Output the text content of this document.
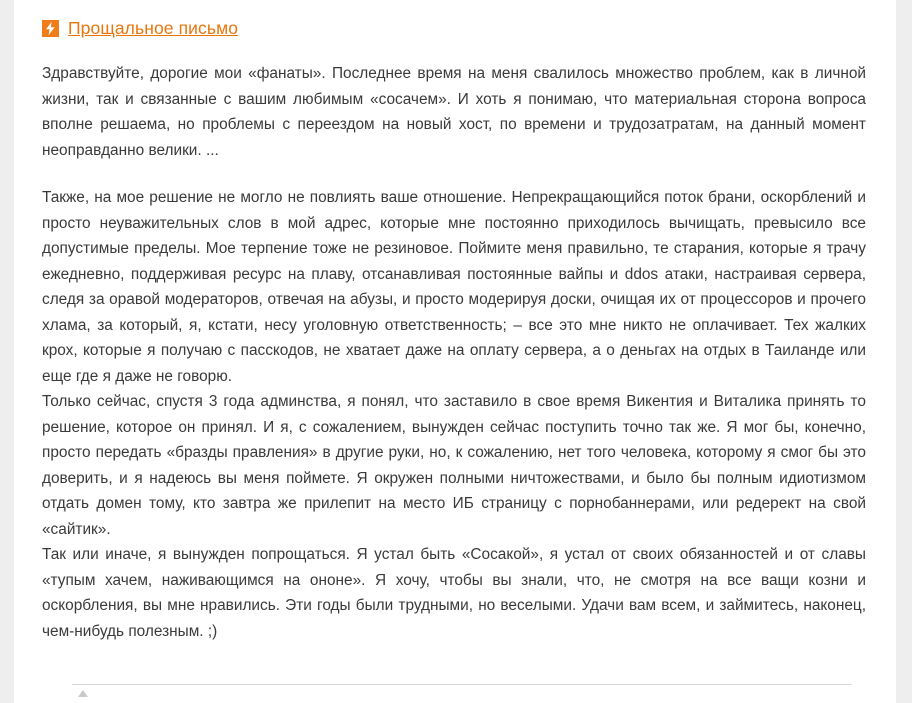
Прощальное письмо

Здравствуйте, дорогие мои «фанаты». Последнее время на меня свалилось множество проблем, как в личной жизни, так и связанные с вашим любимым «сосачем». И хоть я понимаю, что материальная сторона вопроса вполне решаема, но проблемы с переездом на новый хост, по времени и трудозатратам, на данный момент неоправданно велики. ...

Также, на мое решение не могло не повлиять ваше отношение. Непрекращающийся поток брани, оскорблений и просто неуважительных слов в мой адрес, которые мне постоянно приходилось вычищать, превысило все допустимые пределы. Мое терпение тоже не резиновое. Поймите меня правильно, те старания, которые я трачу ежедневно, поддерживая ресурс на плаву, отсанавливая постоянные вайпы и ddos атаки, настраивая сервера, следя за оравой модераторов, отвечая на абузы, и просто модерируя доски, очищая их от процессоров и прочего хлама, за который, я, кстати, несу уголовную ответственность; – все это мне никто не оплачивает. Тех жалких крох, которые я получаю с пасскодов, не хватает даже на оплату сервера, а о деньгах на отдых в Таиланде или еще где я даже не говорю.

Только сейчас, спустя 3 года админства, я понял, что заставило в свое время Викентия и Виталика принять то решение, которое он принял. И я, с сожалением, вынужден сейчас поступить точно так же. Я мог бы, конечно, просто передать «бразды правления» в другие руки, но, к сожалению, нет того человека, которому я смог бы это доверить, и я надеюсь вы меня поймете. Я окружен полными ничтожествами, и было бы полным идиотизмом отдать домен тому, кто завтра же прилепит на место ИБ страницу с порнобаннерами, или редерект на свой «сайтик».

Так или иначе, я вынужден попрощаться. Я устал быть «Сосакой», я устал от своих обязанностей и от славы «тупым хачем, наживающимся на ононе». Я хочу, чтобы вы знали, что, не смотря на все ващи козни и оскорбления, вы мне нравились. Эти годы были трудными, но веселыми. Удачи вам всем, и займитесь, наконец, чем-нибудь полезным. ;)
